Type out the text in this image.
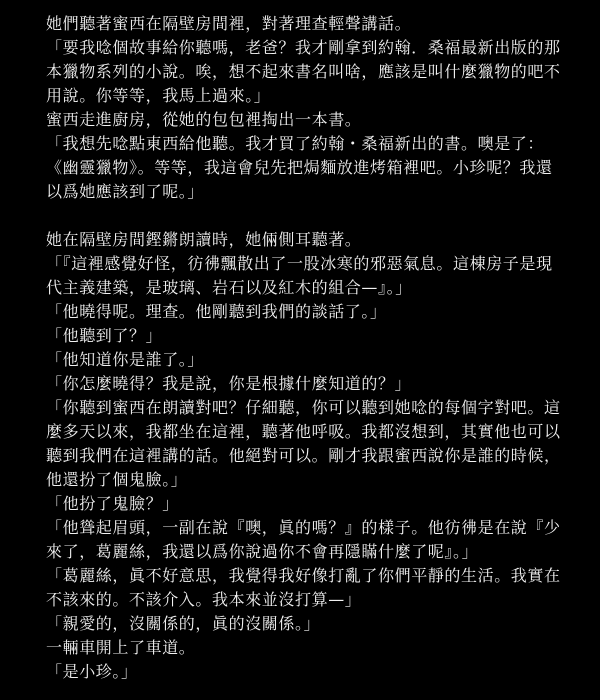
她們聽著蜜西在隔壁房間裡，對著理查輕聲講話。

「要我唸個故事給你聽嗎，老爸？我才剛拿到約翰．桑福最新出版的那本獵物系列的小說。唉，想不起來書名叫啥，應該是叫什麼獵物的吧不用說。你等等，我馬上過來。」

蜜西走進廚房，從她的包包裡掏出一本書。

「我想先唸點東西給他聽。我才買了約翰・桑福新出的書。噢是了：《幽靈獵物》。等等，我這會兒先把焗麵放進烤箱裡吧。小珍呢？我還以爲她應該到了呢。」

她在隔壁房間鏗鏘朗讀時，她倆側耳聽著。

「『這裡感覺好怪，彷彿飄散出了一股冰寒的邪惡氣息。這棟房子是現代主義建築，是玻璃、岩石以及紅木的組合—』。」

「他曉得呢。理查。他剛聽到我們的談話了。」

「他聽到了？」

「他知道你是誰了。」

「你怎麼曉得？我是說，你是根據什麼知道的？」

「你聽到蜜西在朗讀對吧？仔細聽，你可以聽到她唸的每個字對吧。這麼多天以來，我都坐在這裡，聽著他呼吸。我都沒想到，其實他也可以聽到我們在這裡講的話。他絕對可以。剛才我跟蜜西說你是誰的時候，他還扮了個鬼臉。」

「他扮了鬼臉？」

「他聳起眉頭，一副在說『噢，眞的嗎？』的樣子。他彷彿是在說『少來了，葛麗絲，我還以爲你說過你不會再隱瞞什麼了呢』。」

「葛麗絲，眞不好意思，我覺得我好像打亂了你們平靜的生活。我實在不該來的。不該介入。我本來並沒打算—」

「親愛的，沒關係的，眞的沒關係。」

一輛車開上了車道。

「是小珍。」
